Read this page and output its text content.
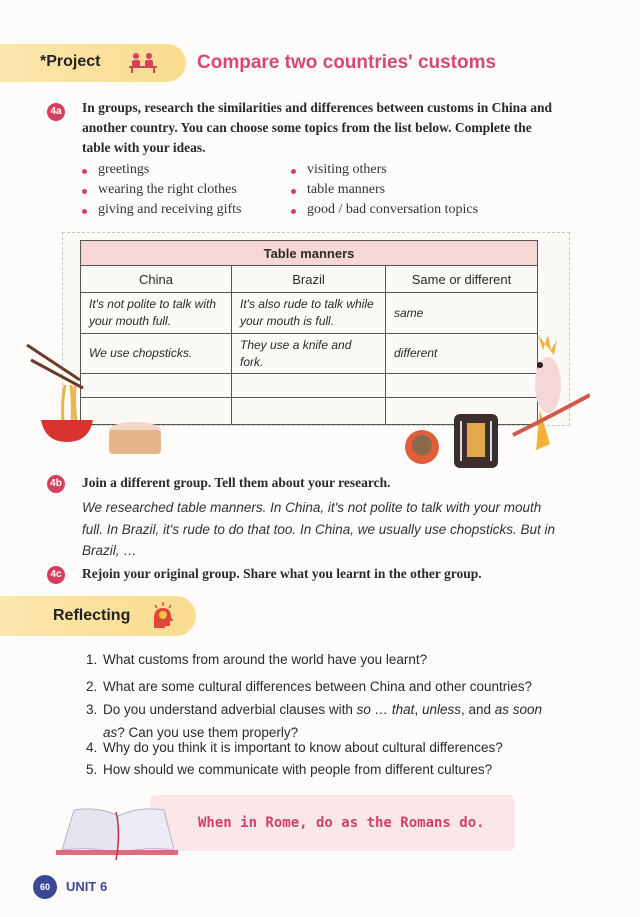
*Project	Compare two countries' customs
4a In groups, research the similarities and differences between customs in China and another country. You can choose some topics from the list below. Complete the table with your ideas.
greetings
wearing the right clothes
giving and receiving gifts
visiting others
table manners
good / bad conversation topics
Table manners		
China	Brazil	Same or different
It's not polite to talk with your mouth full.	It's also rude to talk while your mouth is full.	same
We use chopsticks.	They use a knife and fork.	different

4b Join a different group. Tell them about your research.
We researched table manners. In China, it's not polite to talk with your mouth full. In Brazil, it's rude to do that too. In China, we usually use chopsticks. But in Brazil, …
4c Rejoin your original group. Share what you learnt in the other group.
Reflecting
1. What customs from around the world have you learnt?
2. What are some cultural differences between China and other countries?
3. Do you understand adverbial clauses with so … that, unless, and as soon
as? Can you use them properly?
4. Why do you think it is important to know about cultural differences?
5. How should we communicate with people from different cultures?
When in Rome, do as the Romans do.
60	UNIT 6
